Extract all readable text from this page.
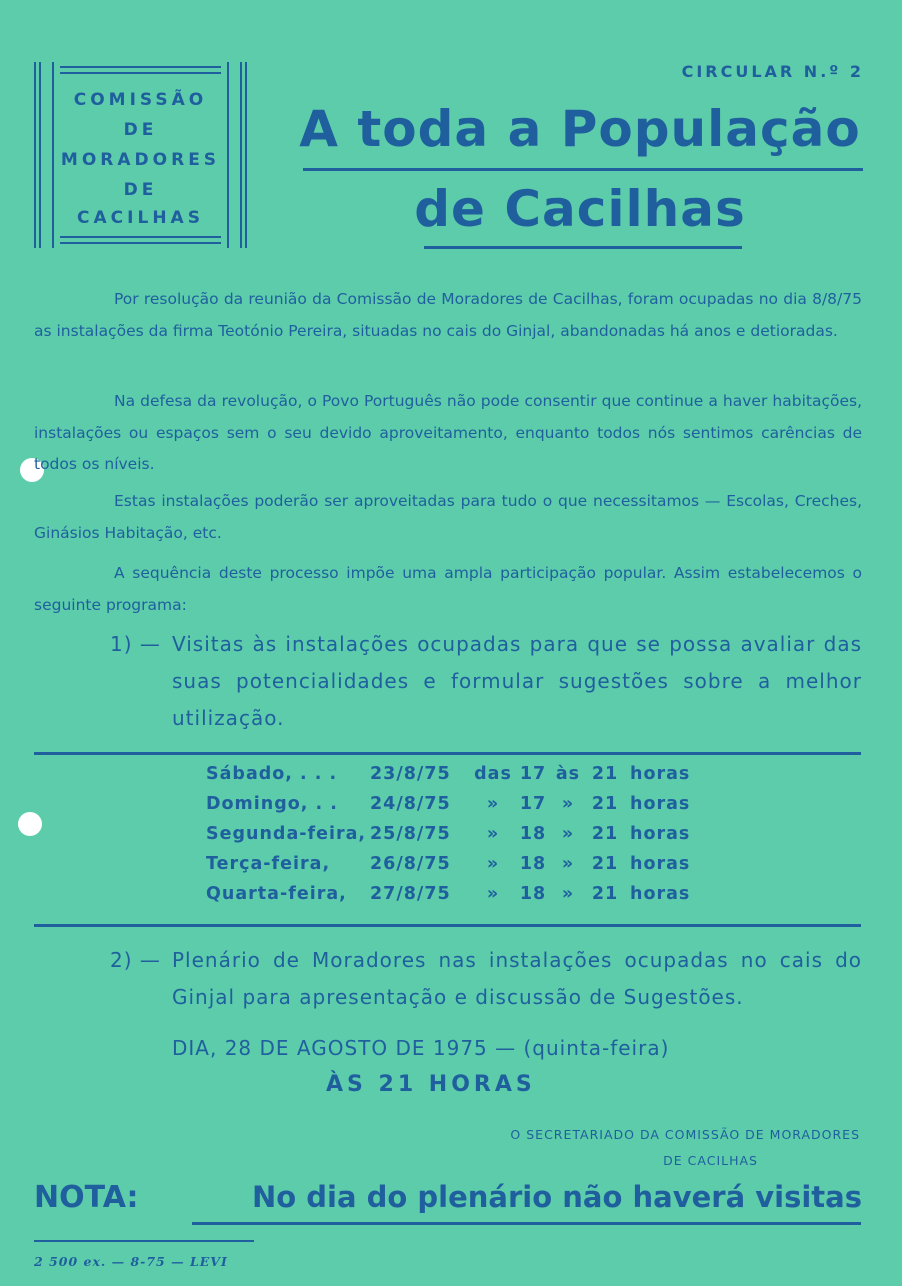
COMISSÃO
DE
MORADORES
DE
CACILHAS
CIRCULAR N.º 2
A toda a População
de Cacilhas
Por resolução da reunião da Comissão de Moradores de Cacilhas, foram ocupadas no dia 8/8/75 as instalações da firma Teotónio Pereira, situadas no cais do Ginjal, abandonadas há anos e detioradas.
Na defesa da revolução, o Povo Português não pode consentir que continue a haver habitações, instalações ou espaços sem o seu devido aproveitamento, enquanto todos nós sentimos carências de todos os níveis.
Estas instalações poderão ser aproveitadas para tudo o que necessitamos — Escolas, Creches, Ginásios Habitação, etc.
A sequência deste processo impõe uma ampla participação popular. Assim estabelecemos o seguinte programa:
1) — Visitas às instalações ocupadas para que se possa avaliar das suas potencialidades e formular sugestões sobre a melhor utilização.
Sábado, . . .	23/8/75	das 17 às 21 horas
Domingo, . .	24/8/75	»	17 »	21 horas
Segunda-feira, 25/8/75	»	18 »	21 horas
Terça-feira,	26/8/75	»	18 »	21 horas
Quarta-feira,	27/8/75	»	18 »	21 horas
2) — Plenário de Moradores nas instalações ocupadas no cais do Ginjal para apresentação e discussão de Sugestões.
DIA, 28 DE AGOSTO DE 1975 — (quinta-feira)
ÀS 21 HORAS
O SECRETARIADO DA COMISSÃO DE MORADORES
DE CACILHAS
NOTA:	No dia do plenário não haverá visitas
2 500 ex. — 8-75 — LEVI
